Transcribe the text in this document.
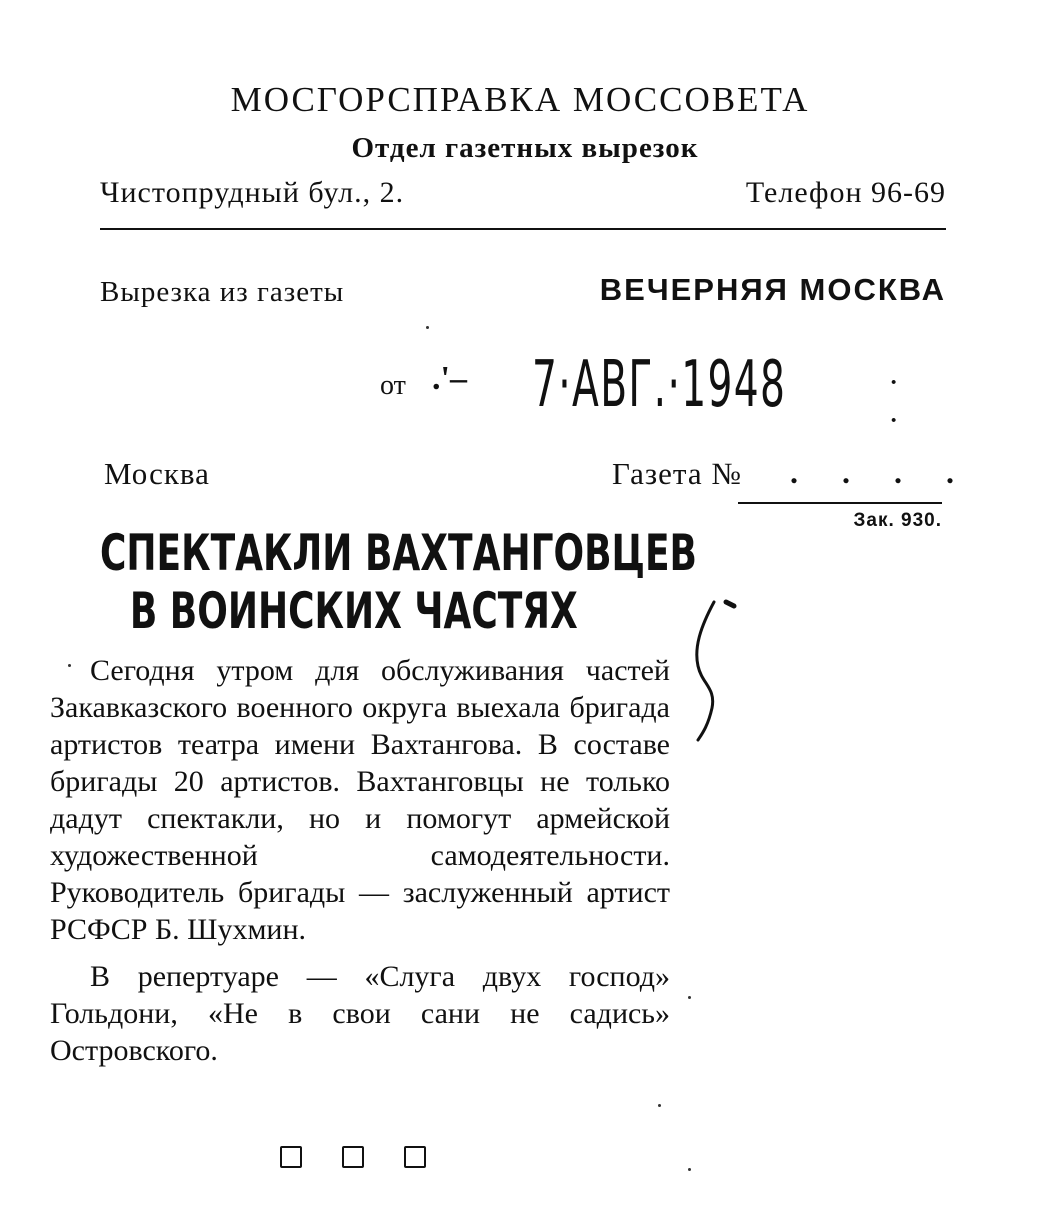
МОСГОРСПРАВКА МОССОВЕТА
Отдел газетных вырезок
Чистопрудный бул., 2.	Телефон 96-69
Вырезка из газеты	ВЕЧЕРНЯЯ МОСКВА
от .'– 7·АВГ.·1948	· ·
Москва	Газета № . . . .
Зак. 930.
СПЕКТАКЛИ ВАХТАНГОВЦЕВ
В ВОИНСКИХ ЧАСТЯХ

Сегодня утром для обслуживания частей Закавказского военного округа выехала бригада артистов театра имени Вахтангова. В составе бригады 20 артистов. Вахтанговцы не только дадут спектакли, но и помогут армейской художественной самодеятельности. Руководитель бригады — заслуженный артист РСФСР Б. Шухмин.

В репертуаре — «Слуга двух господ» Гольдони, «Не в свои сани не садись» Островского.
